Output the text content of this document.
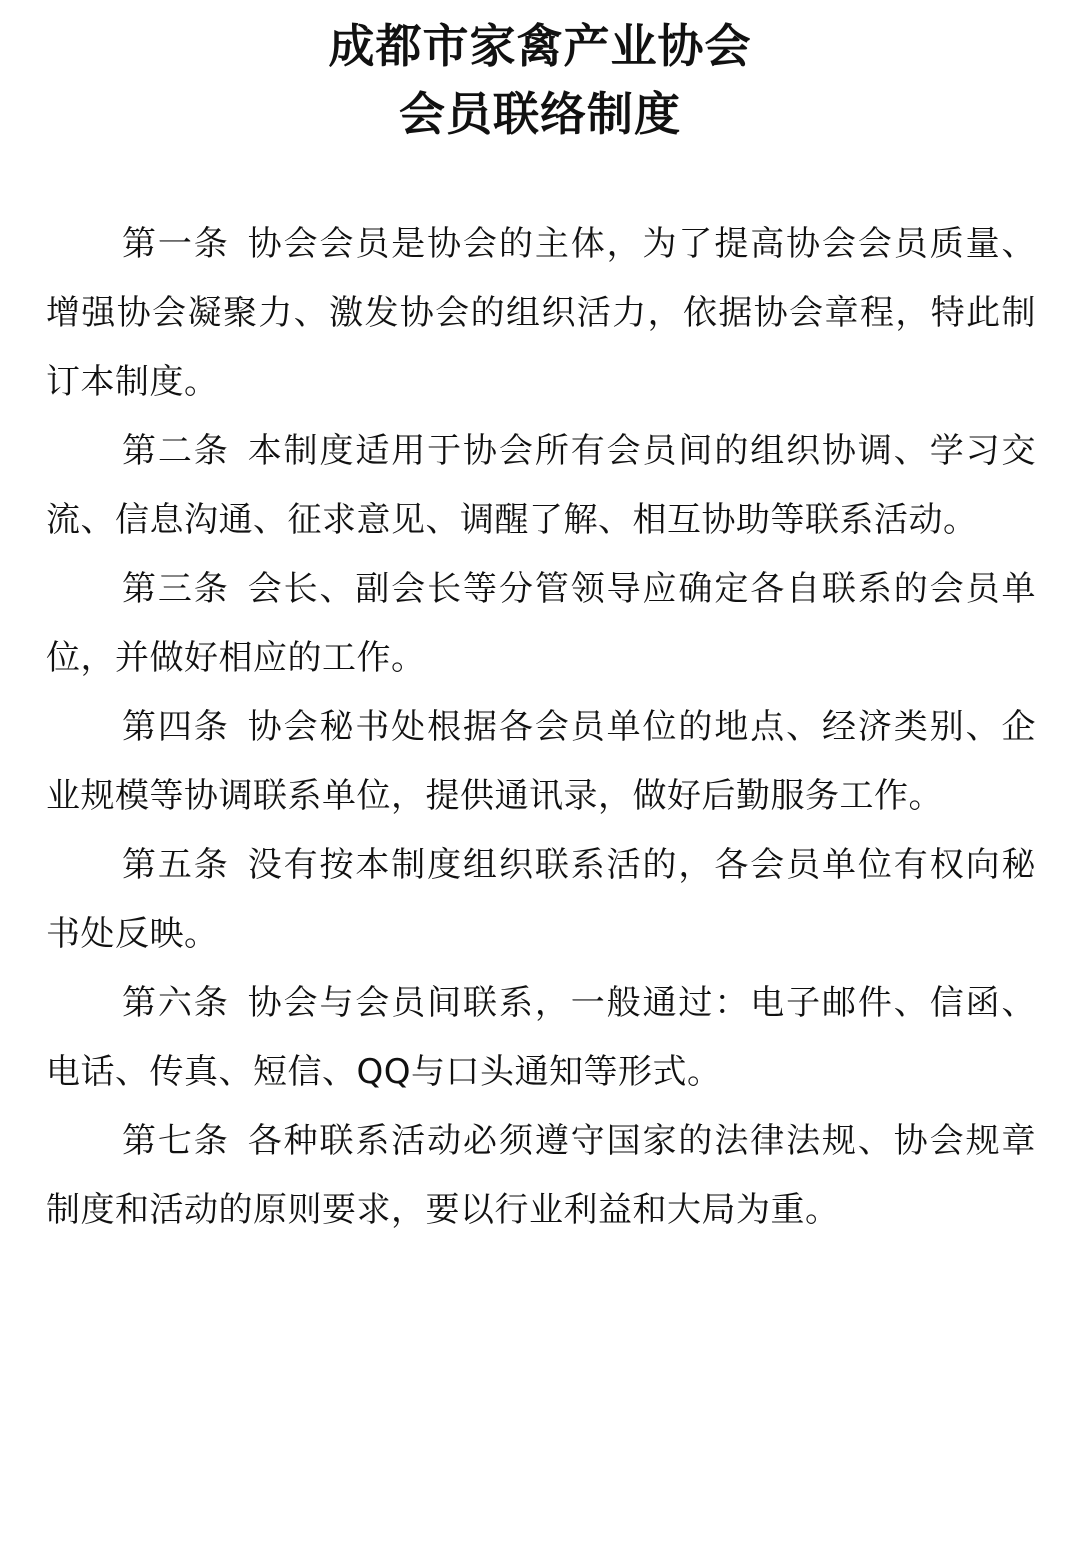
成都市家禽产业协会
会员联络制度

第一条 协会会员是协会的主体，为了提高协会会员质量、增强协会凝聚力、激发协会的组织活力，依据协会章程，特此制订本制度。

第二条 本制度适用于协会所有会员间的组织协调、学习交流、信息沟通、征求意见、调醒了解、相互协助等联系活动。

第三条 会长、副会长等分管领导应确定各自联系的会员单位，并做好相应的工作。

第四条 协会秘书处根据各会员单位的地点、经济类别、企业规模等协调联系单位，提供通讯录，做好后勤服务工作。

第五条 没有按本制度组织联系活的，各会员单位有权向秘书处反映。

第六条 协会与会员间联系，一般通过：电子邮件、信函、电话、传真、短信、QQ与口头通知等形式。

第七条 各种联系活动必须遵守国家的法律法规、协会规章制度和活动的原则要求，要以行业利益和大局为重。
